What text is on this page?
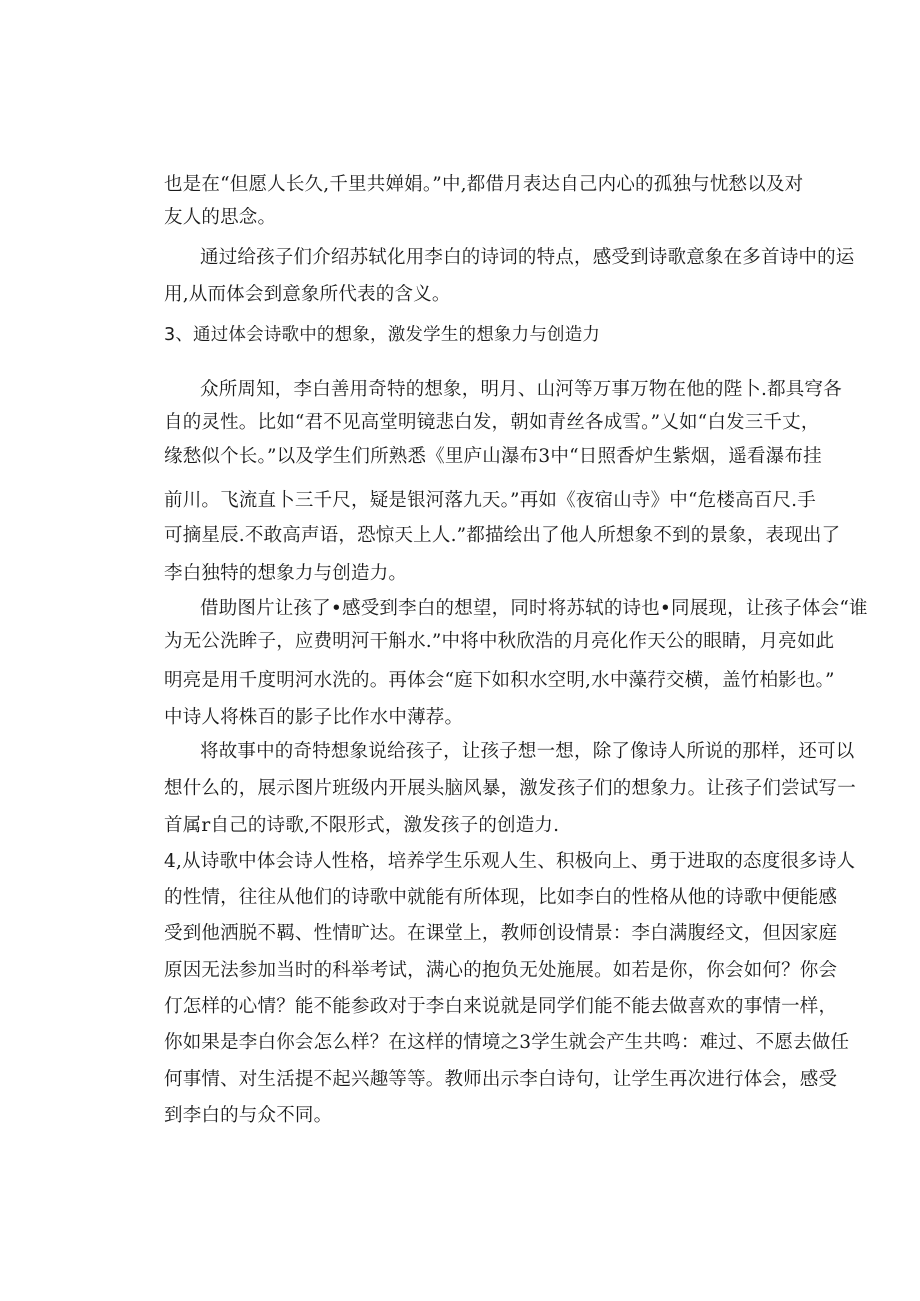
也是在“但愿人长久,千里共婵娟。”中,都借月表达自己内心的孤独与忧愁以及对
友人的思念。
通过给孩子们介绍苏轼化用李白的诗词的特点，感受到诗歌意象在多首诗中的运
用,从而体会到意象所代表的含义。
3、通过体会诗歌中的想象，激发学生的想象力与创造力
众所周知，李白善用奇特的想象，明月、山河等万事万物在他的陛卜.都具穹各
自的灵性。比如“君不见高堂明镜悲白发，朝如青丝各成雪。”乂如“白发三千丈，
缘愁似个长。”以及学生们所熟悉《里庐山瀑布3中“日照香炉生紫烟，遥看瀑布挂
前川。飞流直卜三千尺，疑是银河落九天。”再如《夜宿山寺》中“危楼高百尺.手
可摘星辰.不敢高声语，恐惊天上人.”都描绘出了他人所想象不到的景象，表现出了
李白独特的想象力与创造力。
借助图片让孩了•感受到李白的想望，同时将苏轼的诗也•同展现，让孩子体会“谁
为无公洗眸子，应费明河干斛水.”中将中秋欣浩的月亮化作天公的眼睛，月亮如此
明亮是用千度明河水洗的。再体会“庭下如积水空明,水中藻荇交横，盖竹柏影也。”
中诗人将株百的影子比作水中薄荐。
将故事中的奇特想象说给孩子，让孩子想一想，除了像诗人所说的那样，还可以
想什么的，展示图片班级内开展头脑风暴，激发孩子们的想象力。让孩子们尝试写一
首属r自己的诗歌,不限形式，激发孩子的创造力.
4,从诗歌中体会诗人性格，培养学生乐观人生、积极向上、勇于进取的态度很多诗人
的性情，往往从他们的诗歌中就能有所体现，比如李白的性格从他的诗歌中便能感
受到他洒脱不羁、性情旷达。在课堂上，教师创设情景：李白满腹经文，但因家庭
原因无法参加当时的科举考试，满心的抱负无处施展。如若是你，你会如何？你会
仃怎样的心情？能不能参政对于李白来说就是同学们能不能去做喜欢的事情一样，
你如果是李白你会怎么样？在这样的情境之3学生就会产生共鸣：难过、不愿去做任
何事情、对生活提不起兴趣等等。教师出示李白诗句，让学生再次进行体会，感受
到李白的与众不同。
